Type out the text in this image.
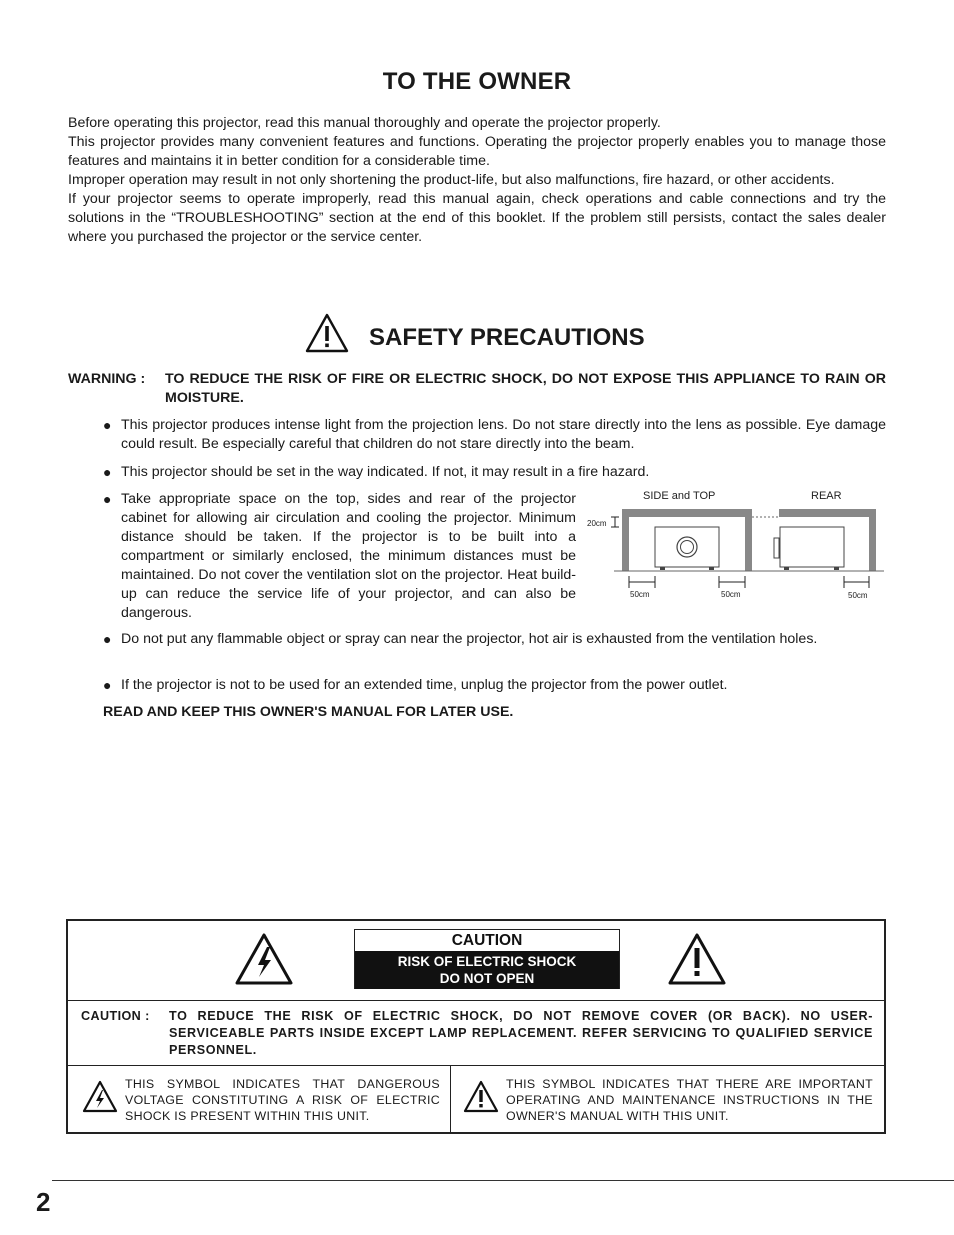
TO THE OWNER

Before operating this projector, read this manual thoroughly and operate the projector properly.

This projector provides many convenient features and functions. Operating the projector properly enables you to manage those features and maintains it in better condition for a considerable time.

Improper operation may result in not only shortening the product-life, but also malfunctions, fire hazard, or other accidents.

If your projector seems to operate improperly, read this manual again, check operations and cable connections and try the solutions in the “TROUBLESHOOTING” section at the end of this booklet. If the problem still persists, contact the sales dealer where you purchased the projector or the service center.

SAFETY PRECAUTIONS
WARNING : TO REDUCE THE RISK OF FIRE OR ELECTRIC SHOCK, DO NOT EXPOSE THIS APPLIANCE TO RAIN OR MOISTURE.
● This projector produces intense light from the projection lens. Do not stare directly into the lens as possible. Eye damage could result. Be especially careful that children do not stare directly into the beam.
● This projector should be set in the way indicated. If not, it may result in a fire hazard.
● Take appropriate space on the top, sides and rear of the projector cabinet for allowing air circulation and cooling the projector. Minimum distance should be taken. If the projector is to be built into a compartment or similarly enclosed, the minimum distances must be maintained. Do not cover the ventilation slot on the projector. Heat build-up can reduce the service life of your projector, and can also be dangerous.
● Do not put any flammable object or spray can near the projector, hot air is exhausted from the ventilation holes.
● If the projector is not to be used for an extended time, unplug the projector from the power outlet.
SIDE and TOP	REAR
20cm
50cm	50cm	50cm
READ AND KEEP THIS OWNER'S MANUAL FOR LATER USE.
CAUTION
RISK OF ELECTRIC SHOCK
DO NOT OPEN
CAUTION : TO REDUCE THE RISK OF ELECTRIC SHOCK, DO NOT REMOVE COVER (OR BACK). NO USER-SERVICEABLE PARTS INSIDE EXCEPT LAMP REPLACEMENT. REFER SERVICING TO QUALIFIED SERVICE PERSONNEL.
THIS SYMBOL INDICATES THAT DANGEROUS VOLTAGE CONSTITUTING A RISK OF ELECTRIC SHOCK IS PRESENT WITHIN THIS UNIT.
THIS SYMBOL INDICATES THAT THERE ARE IMPORTANT OPERATING AND MAINTENANCE INSTRUCTIONS IN THE OWNER'S MANUAL WITH THIS UNIT.
2
